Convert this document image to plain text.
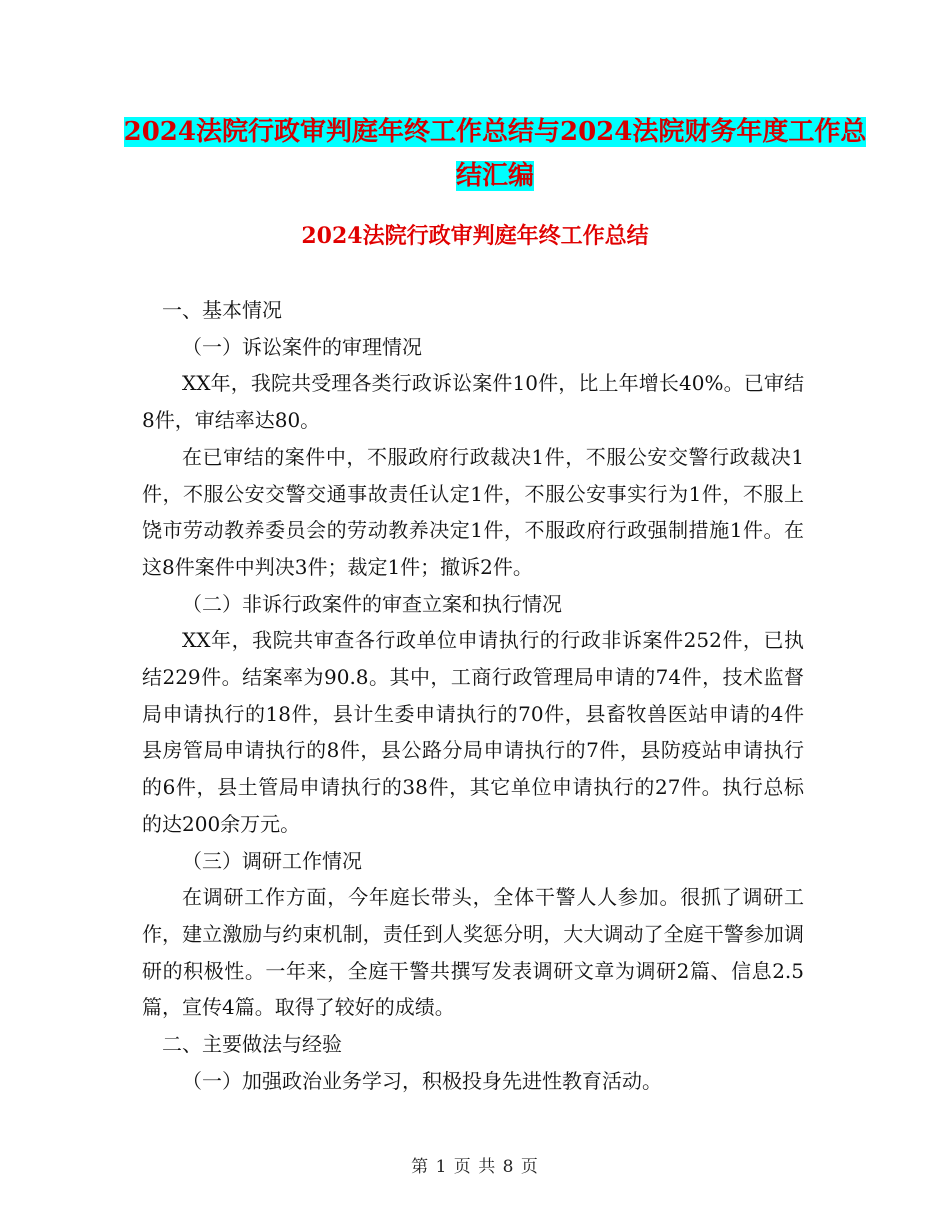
2024法院行政审判庭年终工作总结与2024法院财务年度工作总结汇编
2024法院行政审判庭年终工作总结

一、基本情况

（一）诉讼案件的审理情况

XX年，我院共受理各类行政诉讼案件10件，比上年增长40%。已审结8件，审结率达80。

在已审结的案件中，不服政府行政裁决1件，不服公安交警行政裁决1件，不服公安交警交通事故责任认定1件，不服公安事实行为1件，不服上饶市劳动教养委员会的劳动教养决定1件，不服政府行政强制措施1件。在这8件案件中判决3件；裁定1件；撤诉2件。

（二）非诉行政案件的审查立案和执行情况

XX年，我院共审查各行政单位申请执行的行政非诉案件252件，已执结229件。结案率为90.8。其中，工商行政管理局申请的74件，技术监督局申请执行的18件，县计生委申请执行的70件，县畜牧兽医站申请的4件县房管局申请执行的8件，县公路分局申请执行的7件，县防疫站申请执行的6件，县土管局申请执行的38件，其它单位申请执行的27件。执行总标的达200余万元。

（三）调研工作情况

在调研工作方面，今年庭长带头，全体干警人人参加。很抓了调研工作，建立激励与约束机制，责任到人奖惩分明，大大调动了全庭干警参加调研的积极性。一年来，全庭干警共撰写发表调研文章为调研2篇、信息2.5篇，宣传4篇。取得了较好的成绩。

二、主要做法与经验

（一）加强政治业务学习，积极投身先进性教育活动。

第 1 页 共 8 页
